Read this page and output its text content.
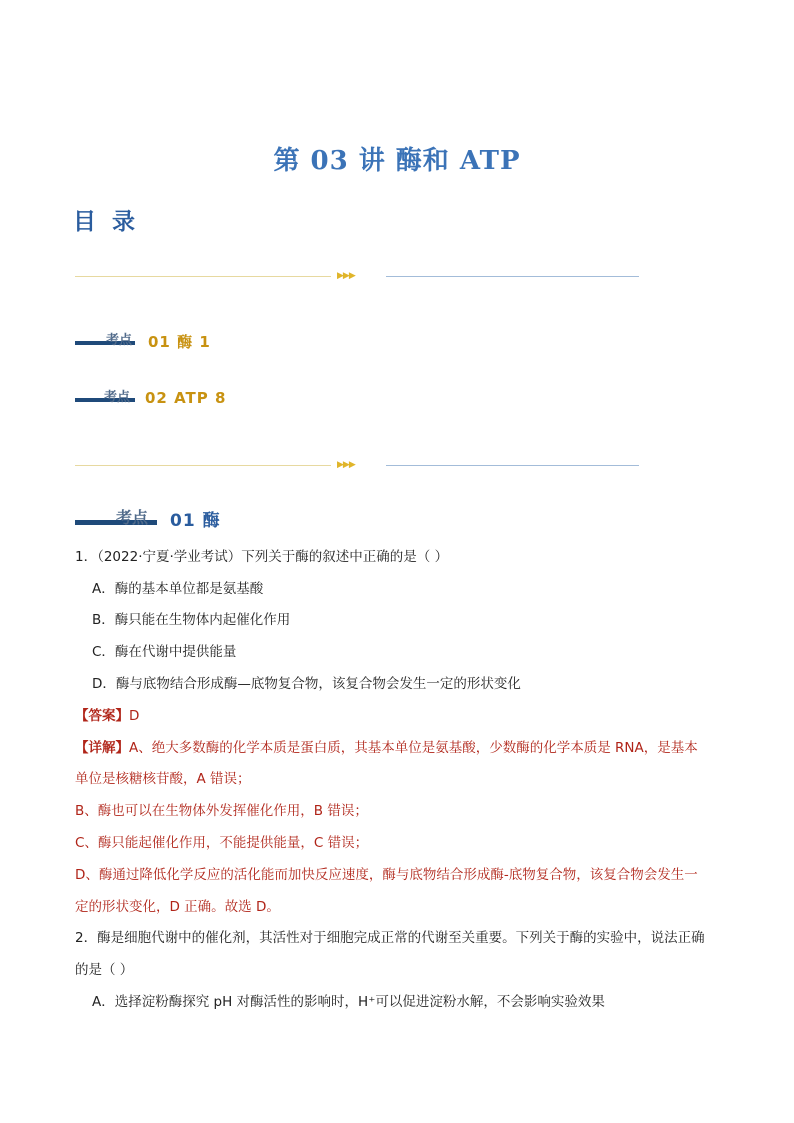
第 03 讲 酶和 ATP
目 录
▶▶▶
考点 01 酶 1
考点 02 ATP 8
▶▶▶
考点 01 酶
1．（2022·宁夏·学业考试）下列关于酶的叙述中正确的是（ ）
A．酶的基本单位都是氨基酸
B．酶只能在生物体内起催化作用
C．酶在代谢中提供能量
D．酶与底物结合形成酶—底物复合物，该复合物会发生一定的形状变化
【答案】D
【详解】A、绝大多数酶的化学本质是蛋白质，其基本单位是氨基酸，少数酶的化学本质是 RNA，是基本
单位是核糖核苷酸，A 错误；
B、酶也可以在生物体外发挥催化作用，B 错误；
C、酶只能起催化作用，不能提供能量，C 错误；
D、酶通过降低化学反应的活化能而加快反应速度，酶与底物结合形成酶-底物复合物，该复合物会发生一
定的形状变化，D 正确。故选 D。
2．酶是细胞代谢中的催化剂，其活性对于细胞完成正常的代谢至关重要。下列关于酶的实验中，说法正确
的是（ ）
A．选择淀粉酶探究 pH 对酶活性的影响时，H⁺可以促进淀粉水解，不会影响实验效果
